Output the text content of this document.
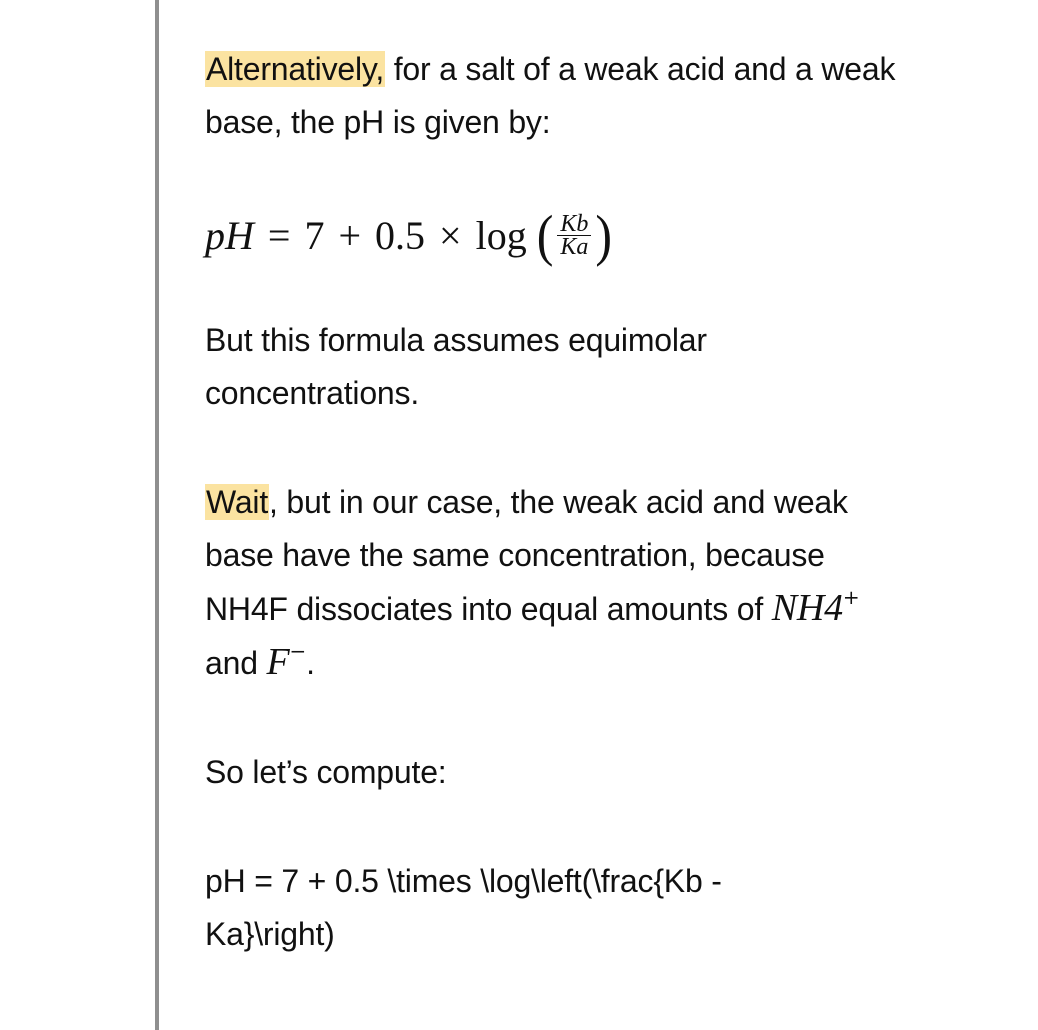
Alternatively, for a salt of a weak acid and a weak base, the pH is given by:

pH = 7 + 0.5 × log ( $\frac{Kb}{Ka}$ )

But this formula assumes equimolar concentrations.

Wait, but in our case, the weak acid and weak base have the same concentration, because NH4F dissociates into equal amounts of NH4+ and F−.

So let’s compute:

pH = 7 + 0.5 \times \log\left(\frac{Kb - Ka}\right)
